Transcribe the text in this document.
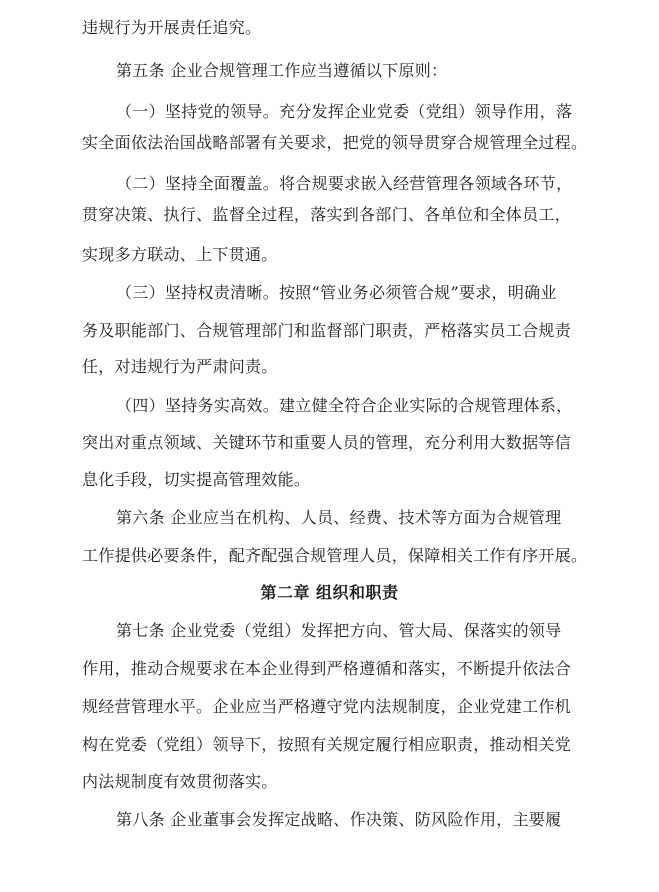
违规行为开展责任追究。
第五条 企业合规管理工作应当遵循以下原则：
（一）坚持党的领导。充分发挥企业党委（党组）领导作用，落
实全面依法治国战略部署有关要求，把党的领导贯穿合规管理全过程。
（二）坚持全面覆盖。将合规要求嵌入经营管理各领域各环节，
贯穿决策、执行、监督全过程，落实到各部门、各单位和全体员工，
实现多方联动、上下贯通。
（三）坚持权责清晰。按照“管业务必须管合规”要求，明确业
务及职能部门、合规管理部门和监督部门职责，严格落实员工合规责
任，对违规行为严肃问责。
（四）坚持务实高效。建立健全符合企业实际的合规管理体系，
突出对重点领域、关键环节和重要人员的管理，充分利用大数据等信
息化手段，切实提高管理效能。
第六条 企业应当在机构、人员、经费、技术等方面为合规管理
工作提供必要条件，配齐配强合规管理人员，保障相关工作有序开展。
第二章 组织和职责
第七条 企业党委（党组）发挥把方向、管大局、保落实的领导
作用，推动合规要求在本企业得到严格遵循和落实，不断提升依法合
规经营管理水平。企业应当严格遵守党内法规制度，企业党建工作机
构在党委（党组）领导下，按照有关规定履行相应职责，推动相关党
内法规制度有效贯彻落实。
第八条 企业董事会发挥定战略、作决策、防风险作用，主要履
